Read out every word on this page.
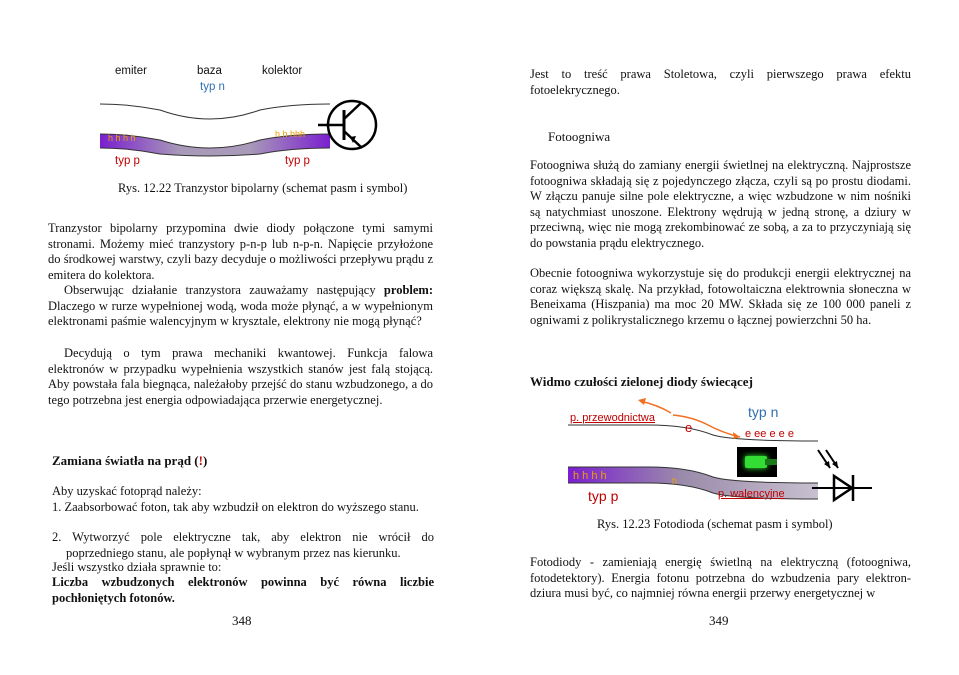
emiter	baza	kolektor
typ n
h h h h	h h hhh
typ p	typ p
Rys. 12.22 Tranzystor bipolarny (schemat pasm i symbol)
Tranzystor bipolarny przypomina dwie diody połączone tymi samymi stronami. Możemy mieć tranzystory p-n-p lub n-p-n. Napięcie przyłożone do środkowej warstwy, czyli bazy decyduje o możliwości przepływu prądu z emitera do kolektora.
Obserwując działanie tranzystora zauważamy następujący problem: Dlaczego w rurze wypełnionej wodą, woda może płynąć, a w wypełnionym elektronami paśmie walencyjnym w krysztale, elektrony nie mogą płynąć?
Decydują o tym prawa mechaniki kwantowej. Funkcja falowa elektronów w przypadku wypełnienia wszystkich stanów jest falą stojącą. Aby powstała fala biegnąca, należałoby przejść do stanu wzbudzonego, a do tego potrzebna jest energia odpowiadająca przerwie energetycznej.
Zamiana światła na prąd (!)
Aby uzyskać fotoprąd należy:
1. Zaabsorbować foton, tak aby wzbudził on elektron do wyższego stanu.
2. Wytworzyć pole elektryczne tak, aby elektron nie wrócił do poprzedniego stanu, ale popłynął w wybranym przez nas kierunku.
Jeśli wszystko działa sprawnie to:
Liczba wzbudzonych elektronów powinna być równa liczbie pochłoniętych fotonów.
348
Jest to treść prawa Stoletowa, czyli pierwszego prawa efektu fotoelekrycznego.
Fotoogniwa
Fotoogniwa służą do zamiany energii świetlnej na elektryczną. Najprostsze fotoogniwa składają się z pojedynczego złącza, czyli są po prostu diodami. W złączu panuje silne pole elektryczne, a więc wzbudzone w nim nośniki są natychmiast unoszone. Elektrony wędrują w jedną stronę, a dziury w przeciwną, więc nie mogą zrekombinować ze sobą, a za to przyczyniają się do powstania prądu elektrycznego.
Obecnie fotoogniwa wykorzystuje się do produkcji energii elektrycznej na coraz większą skalę. Na przykład, fotowoltaiczna elektrownia słoneczna w Beneixama (Hiszpania) ma moc 20 MW. Składa się ze 100 000 paneli z ogniwami z polikrystalicznego krzemu o łącznej powierzchni 50 ha.
Widmo czułości zielonej diody świecącej
p. przewodnictwa
e
typ n
e ee e e e
h h h h	h
typ p	p. walencyjne
Rys. 12.23 Fotodioda (schemat pasm i symbol)
Fotodiody - zamieniają energię świetlną na elektryczną (fotoogniwa, fotodetektory). Energia fotonu potrzebna do wzbudzenia pary elektron-dziura musi być, co najmniej równa energii przerwy energetycznej w
349
